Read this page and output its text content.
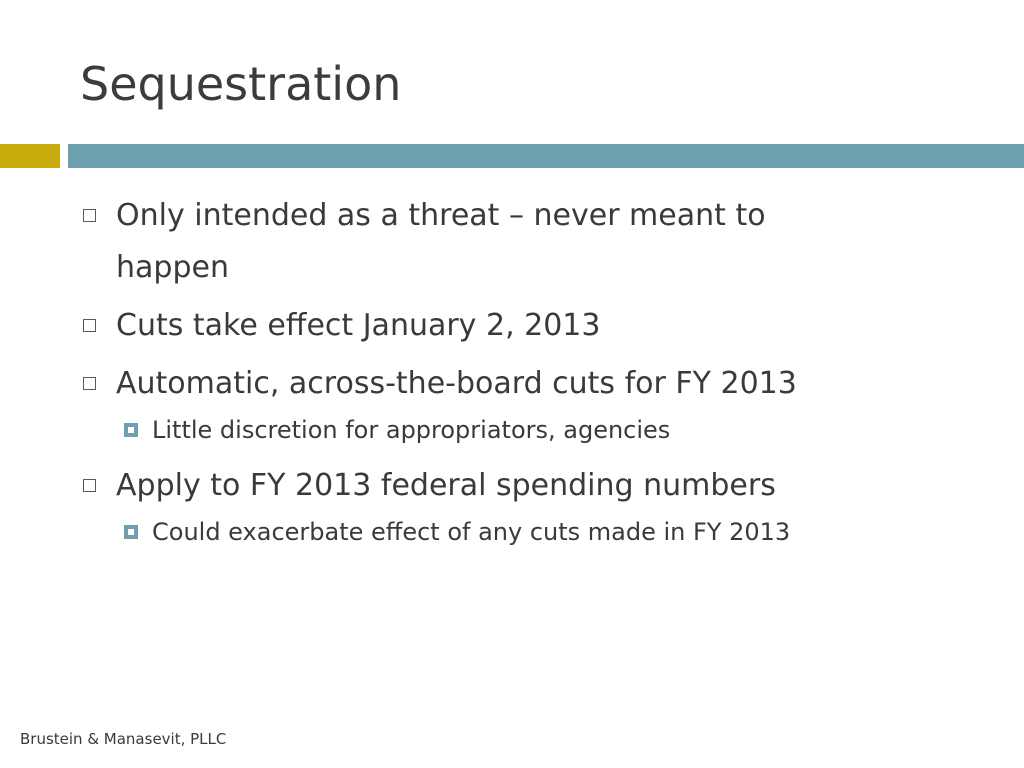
Sequestration
Only intended as a threat – never meant to happen
Cuts take effect January 2, 2013
Automatic, across-the-board cuts for FY 2013
Little discretion for appropriators, agencies
Apply to FY 2013 federal spending numbers
Could exacerbate effect of any cuts made in FY 2013
Brustein & Manasevit, PLLC
